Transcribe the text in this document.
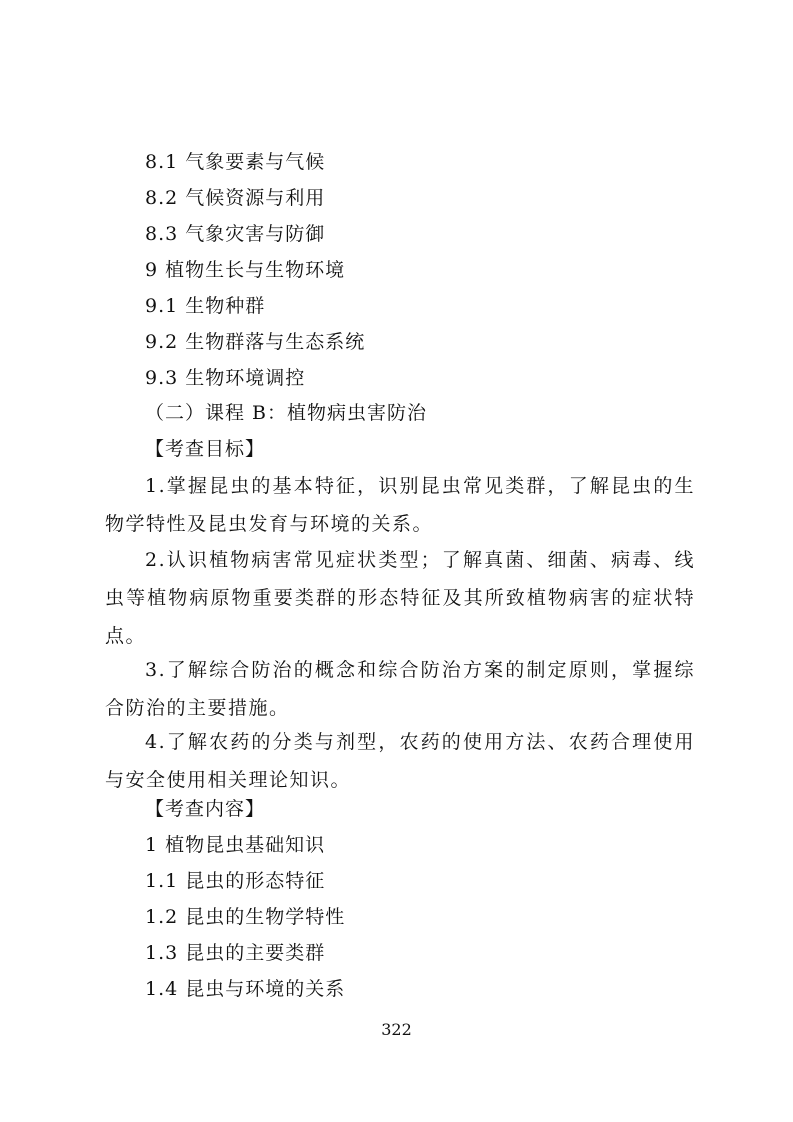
8.1 气象要素与气候
8.2 气候资源与利用
8.3 气象灾害与防御
9 植物生长与生物环境
9.1 生物种群
9.2 生物群落与生态系统
9.3 生物环境调控
（二）课程 B：植物病虫害防治
【考查目标】
1.掌握昆虫的基本特征，识别昆虫常见类群，了解昆虫的生物学特性及昆虫发育与环境的关系。
2.认识植物病害常见症状类型；了解真菌、细菌、病毒、线虫等植物病原物重要类群的形态特征及其所致植物病害的症状特点。
3.了解综合防治的概念和综合防治方案的制定原则，掌握综合防治的主要措施。
4.了解农药的分类与剂型，农药的使用方法、农药合理使用与安全使用相关理论知识。
【考查内容】
1 植物昆虫基础知识
1.1 昆虫的形态特征
1.2 昆虫的生物学特性
1.3 昆虫的主要类群
1.4 昆虫与环境的关系
322
